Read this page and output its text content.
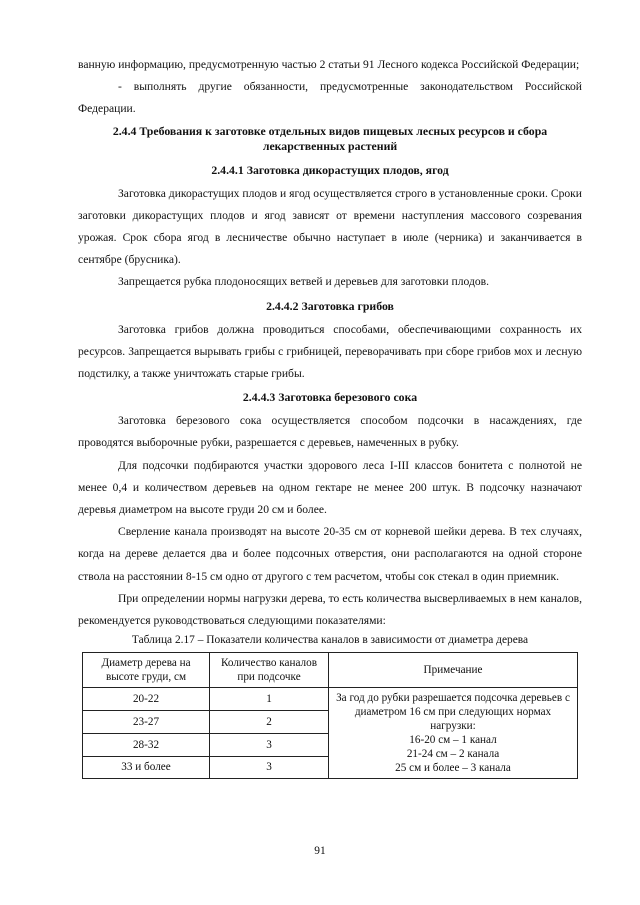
ванную информацию, предусмотренную частью 2 статьи 91 Лесного кодекса Российской Федерации;

- выполнять другие обязанности, предусмотренные законодательством Российской Федерации.

2.4.4 Требования к заготовке отдельных видов пищевых лесных ресурсов и сбора лекарственных растений
2.4.4.1 Заготовка дикорастущих плодов, ягод

Заготовка дикорастущих плодов и ягод осуществляется строго в установленные сроки. Сроки заготовки дикорастущих плодов и ягод зависят от времени наступления массового созревания урожая. Срок сбора ягод в лесничестве обычно наступает в июле (черника) и заканчивается в сентябре (брусника).

Запрещается рубка плодоносящих ветвей и деревьев для заготовки плодов.

2.4.4.2 Заготовка грибов

Заготовка грибов должна проводиться способами, обеспечивающими сохранность их ресурсов. Запрещается вырывать грибы с грибницей, переворачивать при сборе грибов мох и лесную подстилку, а также уничтожать старые грибы.

2.4.4.3 Заготовка березового сока

Заготовка березового сока осуществляется способом подсочки в насаждениях, где проводятся выборочные рубки, разрешается с деревьев, намеченных в рубку.

Для подсочки подбираются участки здорового леса I-III классов бонитета с полнотой не менее 0,4 и количеством деревьев на одном гектаре не менее 200 штук. В подсочку назначают деревья диаметром на высоте груди 20 см и более.

Сверление канала производят на высоте 20-35 см от корневой шейки дерева. В тех случаях, когда на дереве делается два и более подсочных отверстия, они располагаются на одной стороне ствола на расстоянии 8-15 см одно от другого с тем расчетом, чтобы сок стекал в один приемник.

При определении нормы нагрузки дерева, то есть количества высверливаемых в нем каналов, рекомендуется руководствоваться следующими показателями:

Таблица 2.17 – Показатели количества каналов в зависимости от диаметра дерева
Диаметр дерева на высоте груди, см	Количество каналов при подсочке	Примечание
20-22	1	За год до рубки разрешается подсочка деревьев с диаметром 16 см при следующих нормах нагрузки:
16-20 см – 1 канал
21-24 см – 2 канала
25 см и более – 3 канала

23-27	2	
28-32	3	
33 и более	3	
91
